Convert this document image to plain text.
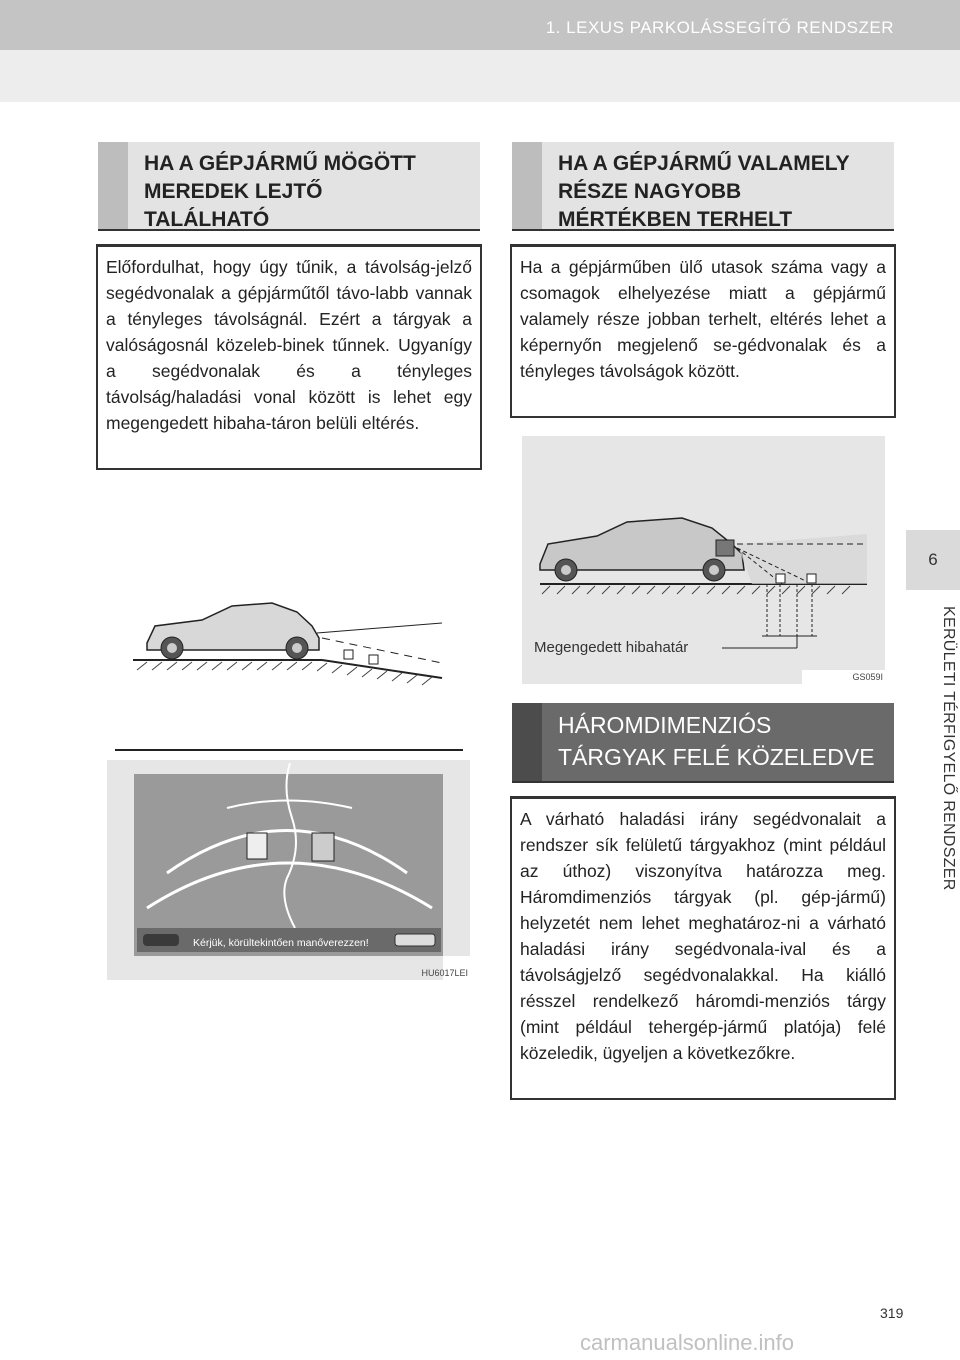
1. LEXUS PARKOLÁSSEGÍTŐ RENDSZER
6
KERÜLETI TÉRFIGYELŐ RENDSZER
HA A GÉPJÁRMŰ MÖGÖTT
MEREDEK LEJTŐ
TALÁLHATÓ
Előfordulhat, hogy úgy tűnik, a távolság-jelző segédvonalak a gépjárműtől távo-labb vannak a tényleges távolságnál. Ezért a tárgyak a valóságosnál közeleb-binek tűnnek. Ugyanígy a segédvonalak és a tényleges távolság/haladási vonal között is lehet egy megengedett hibaha-táron belüli eltérés.
Kérjük, körültekintően manőverezzen!
HU6017LEI
HA A GÉPJÁRMŰ VALAMELY
RÉSZE NAGYOBB
MÉRTÉKBEN TERHELT
Ha a gépjárműben ülő utasok száma vagy a csomagok elhelyezése miatt a gépjármű valamely része jobban terhelt, eltérés lehet a képernyőn megjelenő se-gédvonalak és a tényleges távolságok között.
Megengedett hibahatár
GS059I
HÁROMDIMENZIÓS
TÁRGYAK FELÉ KÖZELEDVE
A várható haladási irány segédvonalait a rendszer sík felületű tárgyakhoz (mint például az úthoz) viszonyítva határozza meg. Háromdimenziós tárgyak (pl. gép-jármű) helyzetét nem lehet meghatároz-ni a várható haladási irány segédvonala-ival és a távolságjelző segédvonalakkal. Ha kiálló résszel rendelkező háromdi-menziós tárgy (mint például tehergép-jármű platója) felé közeledik, ügyeljen a következőkre.
319
carmanualsonline.info
